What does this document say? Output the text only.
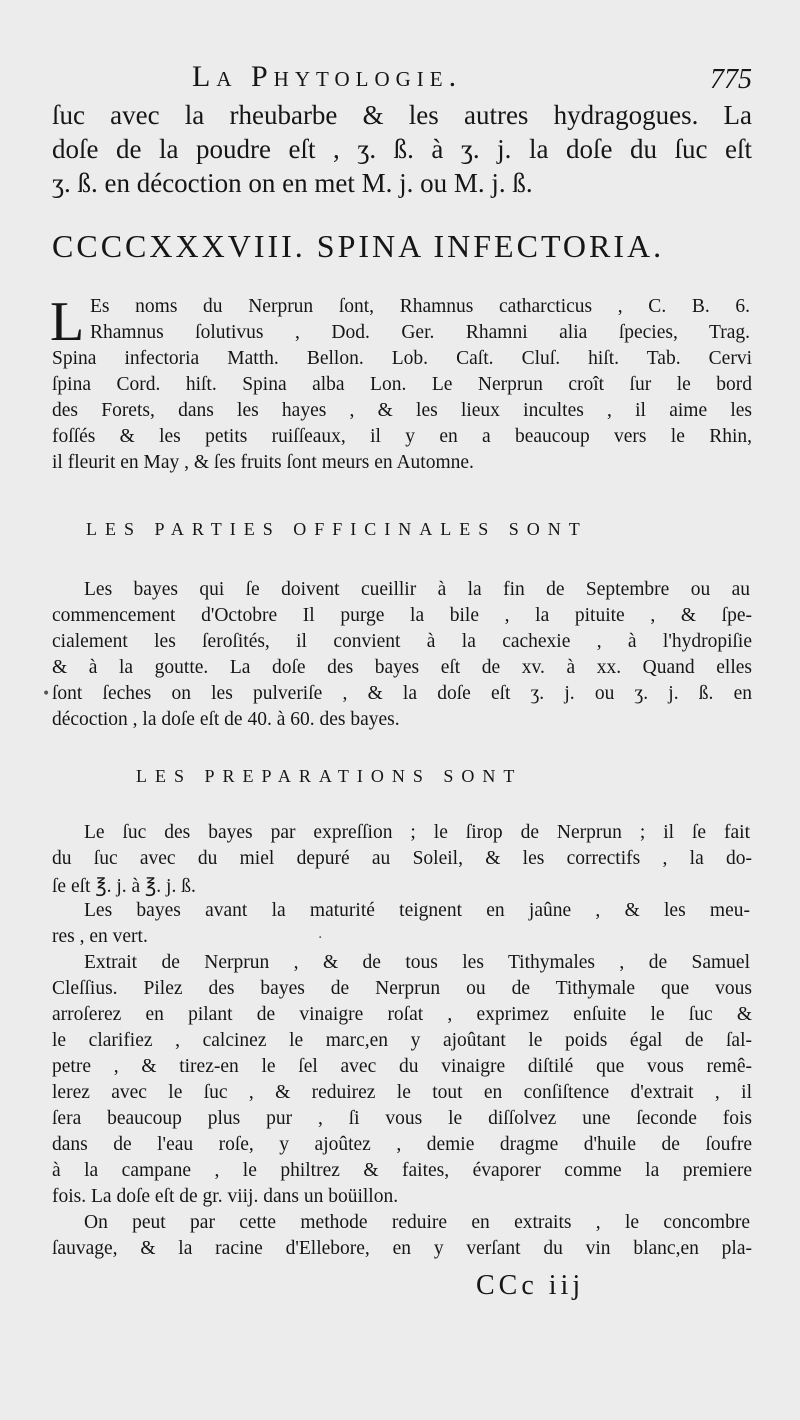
La Phytologie.	775
ſuc avec la rheubarbe & les autres hydragogues. La
doſe de la poudre eſt , ʒ. ß. à ʒ. j. la doſe du ſuc eſt
ʒ. ß. en décoction on en met M. j. ou M. j. ß.
CCCCXXXVIII. SPINA INFECTORIA.
L Es noms du Nerprun ſont, Rhamnus catharcticus , C. B. 6.
Rhamnus ſolutivus , Dod. Ger. Rhamni alia ſpecies, Trag.
Spina infectoria Matth. Bellon. Lob. Caſt. Cluſ. hiſt. Tab. Cervi
ſpina Cord. hiſt. Spina alba Lon. Le Nerprun croît ſur le bord
des Forets, dans les hayes , & les lieux incultes , il aime les
foſſés & les petits ruiſſeaux, il y en a beaucoup vers le Rhin,
il fleurit en May , & ſes fruits ſont meurs en Automne.
LES PARTIES OFFICINALES SONT
Les bayes qui ſe doivent cueillir à la fin de Septembre ou au
commencement d'Octobre Il purge la bile , la pituite , & ſpe-
cialement les ſeroſités, il convient à la cachexie , à l'hydropiſie
& à la goutte. La doſe des bayes eſt de xv. à xx. Quand elles
ſont ſeches on les pulveriſe , & la doſe eſt ʒ. j. ou ʒ. j. ß. en
décoction , la doſe eſt de 40. à 60. des bayes.
LES PREPARATIONS SONT
Le ſuc des bayes par expreſſion ; le ſirop de Nerprun ; il ſe fait
du ſuc avec du miel depuré au Soleil, & les correctifs , la do-
ſe eſt ℥. j. à ℥. j. ß.
Les bayes avant la maturité teignent en jaûne , & les meu-
res , en vert.
Extrait de Nerprun , & de tous les Tithymales , de Samuel
Cleſſius. Pilez des bayes de Nerprun ou de Tithymale que vous
arroſerez en pilant de vinaigre roſat , exprimez enſuite le ſuc &
le clarifiez , calcinez le marc,en y ajoûtant le poids égal de ſal-
petre , & tirez-en le ſel avec du vinaigre diſtilé que vous remê-
lerez avec le ſuc , & reduirez le tout en conſiſtence d'extrait , il
ſera beaucoup plus pur , ſi vous le diſſolvez une ſeconde fois
dans de l'eau roſe, y ajoûtez , demie dragme d'huile de ſoufre
à la campane , le philtrez & faites, évaporer comme la premiere
fois. La doſe eſt de gr. viij. dans un boüillon.
On peut par cette methode reduire en extraits , le concombre
ſauvage, & la racine d'Ellebore, en y verſant du vin blanc,en pla-
CCc iij
•
·
